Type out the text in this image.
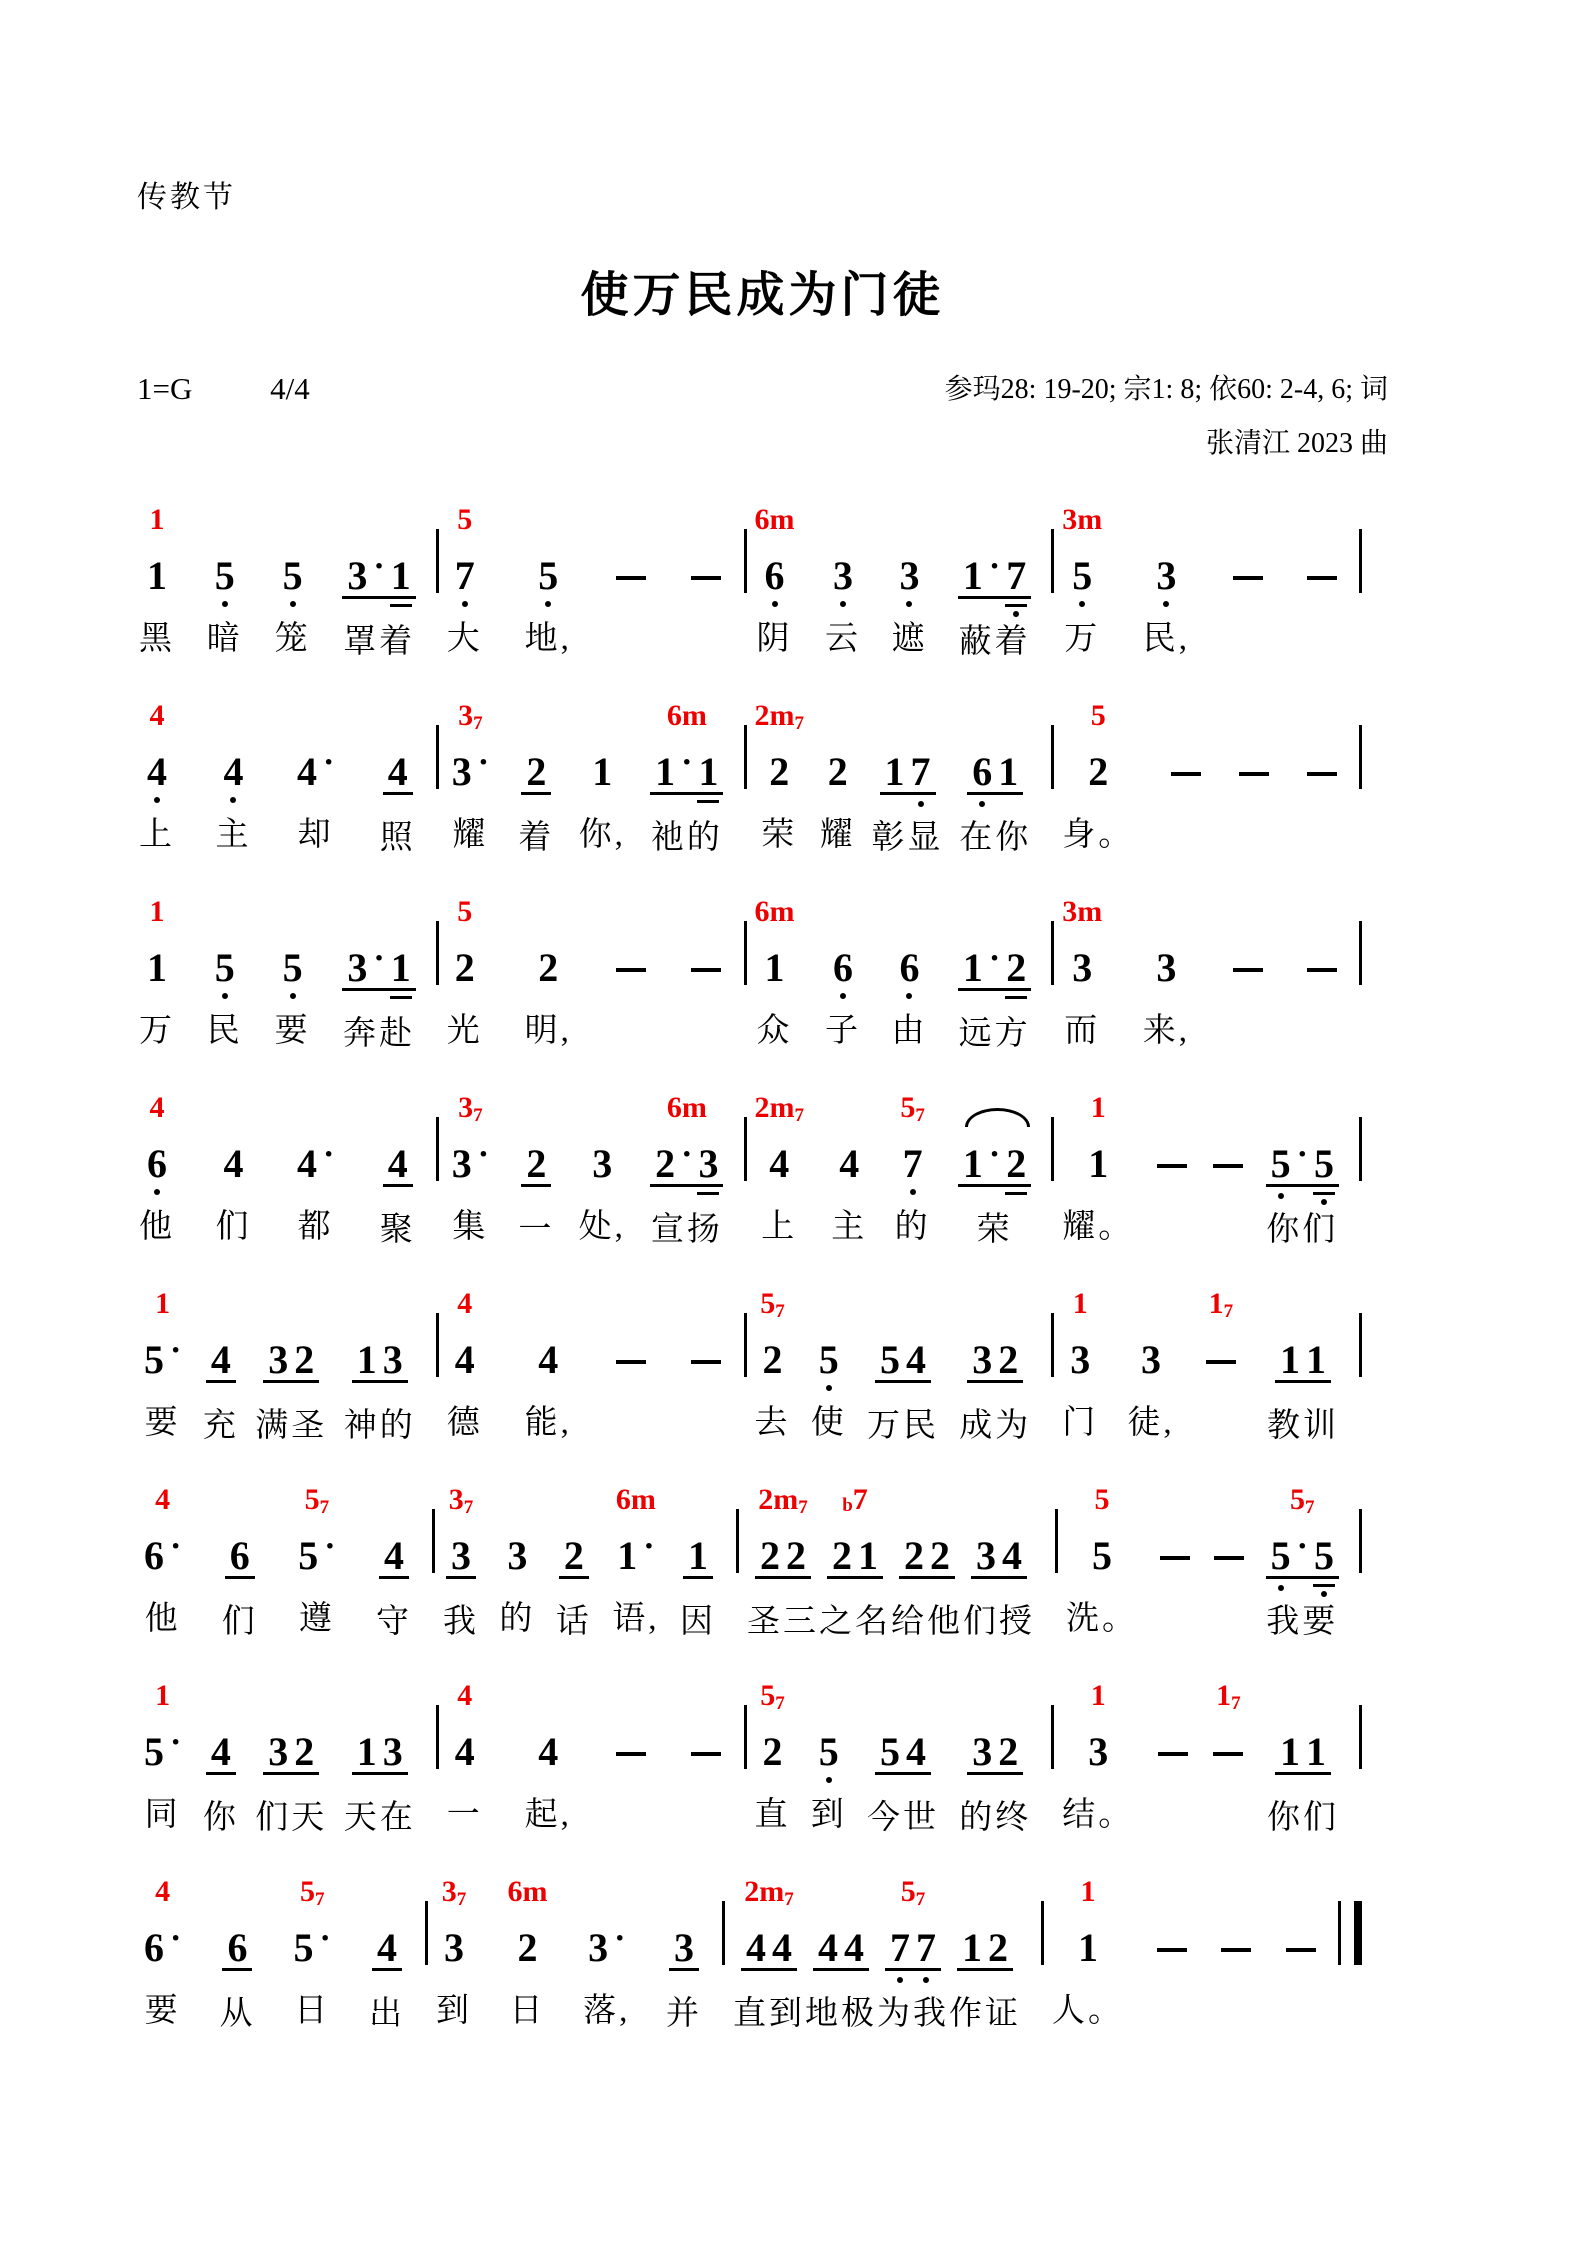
传教节
使万民成为门徒
1=G	4/4	参玛28: 19-20; 宗1: 8; 依60: 2-4, 6; 词
张清江 2023 曲
1
1
黑
5
暗
5
笼
3 · 1
罩着
5
7
大
5
地,
6m
6
阴
3
云
3
遮
1 · 7
蔽着
3m
5
万
3
民,
4
4
上
4
主
4 ·
却
4
照
$3_7$
3 ·
耀
2
着
1
你,
6m
1 · 1
祂的
$2m_7$
2
荣
2
耀
1 7
彰显
6 1
在你
5
2
身。
1
1
万
5
民
5
要
3 · 1
奔赴
5
2
光
2
明,
6m
1
众
6
子
6
由
1 · 2
远方
3m
3
而
3
来,
4
6
他
4
们
4 ·
都
4
聚
$3_7$
3 ·
集
2
一
3
处,
6m
2 · 3
宣扬
$2m_7$
4
上
4
主
$5_7$
7
的
1 · 2
荣
1
1
耀。
5 · 5
你们
1
5 ·
要
4
充
3 2
满圣
1 3
神的
4
4
德
4
能,
$5_7$
2
去
5
使
5 4
万民
3 2
成为
1
3
门
3
徒,
$1_7$
1 1
教训
4
6 ·
他
6
们
$5_7$
5 ·
遵
4
守
$3_7$
3
我
3
的
2
话
6m
1 ·
语,
1
因
$2m_7$
2 2
圣三
b 7
2 1
之名
2 2
给他
3 4
们授
5
5
洗。
$5_7$
5 · 5
我要
1
5 ·
同
4
你
3 2
们天
1 3
天在
4
4
一
4
起,
$5_7$
2
直
5
到
5 4
今世
3 2
的终
1
3
结。
$1_7$
1 1
你们
4
6 ·
要
6
从
$5_7$
5 ·
日
4
出
$3_7$
3
到
6m
2
日
3 ·
落,
3
并
$2m_7$
4 4
直到
4 4
地极
$5_7$
7 7
为我
1 2
作证
1
1
人。
